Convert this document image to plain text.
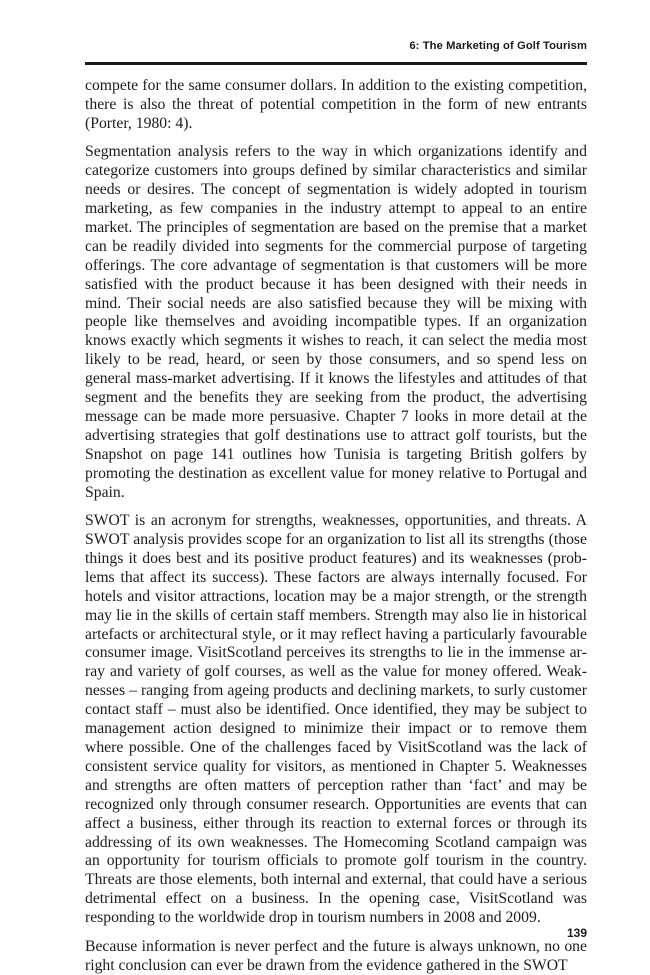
6: The Marketing of Golf Tourism

compete for the same consumer dollars. In addition to the existing competition, there is also the threat of potential competition in the form of new entrants (Porter, 1980: 4).

Segmentation analysis refers to the way in which organizations identify and categorize customers into groups defined by similar characteristics and similar needs or desires. The concept of segmentation is widely adopted in tourism marketing, as few companies in the industry attempt to appeal to an entire market. The principles of segmentation are based on the premise that a market can be readily divided into segments for the commercial purpose of targeting offerings. The core advantage of segmentation is that customers will be more satisfied with the product because it has been designed with their needs in mind. Their social needs are also satisfied because they will be mixing with people like themselves and avoiding incompatible types. If an organization knows exactly which segments it wishes to reach, it can select the media most likely to be read, heard, or seen by those consumers, and so spend less on general mass-market advertising. If it knows the lifestyles and attitudes of that segment and the benefits they are seeking from the product, the advertising message can be made more persuasive. Chapter 7 looks in more detail at the advertising strategies that golf destinations use to attract golf tourists, but the Snapshot on page 141 outlines how Tunisia is targeting British golfers by promoting the destination as excellent value for money relative to Portugal and Spain.

SWOT is an acronym for strengths, weaknesses, opportunities, and threats. A SWOT analysis provides scope for an organization to list all its strengths (those things it does best and its positive product features) and its weaknesses (problems that affect its success). These factors are always internally focused. For hotels and visitor attractions, location may be a major strength, or the strength may lie in the skills of certain staff members. Strength may also lie in historical artefacts or architectural style, or it may reflect having a particularly favourable consumer image. VisitScotland perceives its strengths to lie in the immense array and variety of golf courses, as well as the value for money offered. Weaknesses – ranging from ageing products and declining markets, to surly customer contact staff – must also be identified. Once identified, they may be subject to management action designed to minimize their impact or to remove them where possible. One of the challenges faced by VisitScotland was the lack of consistent service quality for visitors, as mentioned in Chapter 5. Weaknesses and strengths are often matters of perception rather than ‘fact’ and may be recognized only through consumer research. Opportunities are events that can affect a business, either through its reaction to external forces or through its addressing of its own weaknesses. The Homecoming Scotland campaign was an opportunity for tourism officials to promote golf tourism in the country. Threats are those elements, both internal and external, that could have a serious detrimental effect on a business. In the opening case, VisitScotland was responding to the worldwide drop in tourism numbers in 2008 and 2009.

Because information is never perfect and the future is always unknown, no one right conclusion can ever be drawn from the evidence gathered in the SWOT

139
